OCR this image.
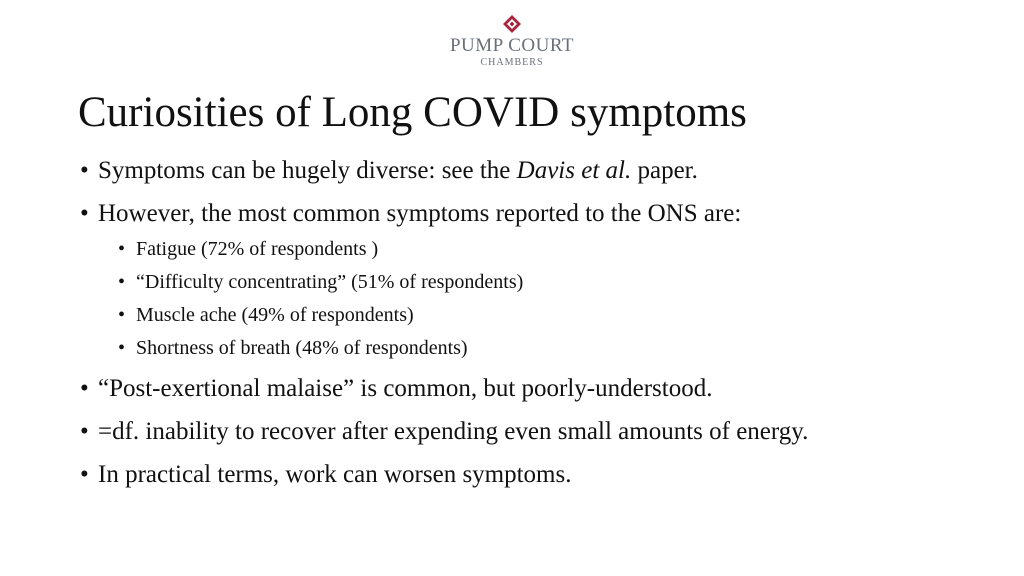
PUMP COURT
CHAMBERS
Curiosities of Long COVID symptoms
• Symptoms can be hugely diverse: see the Davis et al. paper.
• However, the most common symptoms reported to the ONS are:
• Fatigue (72% of respondents )
• “Difficulty concentrating” (51% of respondents)
• Muscle ache (49% of respondents)
• Shortness of breath (48% of respondents)
• “Post-exertional malaise” is common, but poorly-understood.
• =df. inability to recover after expending even small amounts of energy.
• In practical terms, work can worsen symptoms.
